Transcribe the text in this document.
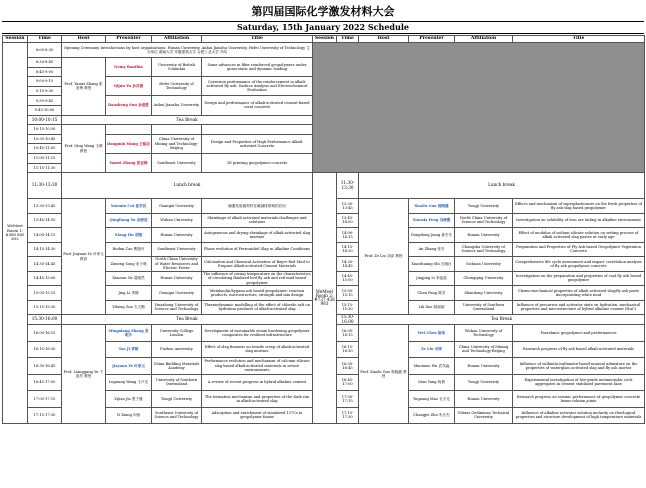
第四届国际化学激发材料大会
Saturday, 15th January 2022 Schedule
Session	Time	Host	Presenter	Affiliation	Title	Session	Time	Host	Presenter	Affiliation	Title
WeMeet Room 1: #380 860 632	8:00-8:30	Opening Ceremony Introductions by host organisations: Hunan University, Anhui Jianzhu University, Hefei University of Technology 主办单位 湖南大学 安徽建筑大学 合肥工业大学 介绍									
	8:30-8:45	Prof. Yamei Zhang 张亚梅 教授	Nemy Banthia	University of British Columbia	Some advances in fiber reinforced geopolymers under quasi-static and dynamic loading						
	8:45-9:00										
	9:00-9:15		Qijun Yu 余其俊	Hefei University of Technology	Corrosion performance of the reinforcement in alkali-activated fly ash: Surface Analysis and Electrochemical Evaluation						
	9:15-9:30										
	9:30-9:45		Daosheng Sun 孙道胜	Anhui Jianzhu University	Design and performance of alkali-activated cement-based coral concrete						
	9:45-10:00										
	10:00-10:15	Tea Break									
	10:15-10:30	Prof. Qing Wang 王晴 教授									
	10:30-10:45		Dongmin Wang 王栋民	China University of Mining and Technology-Beijing	Design and Properties of High Performance Alkali-activated Concrete						
	10:45-11:00										
	11:00-11:15		Yamei Zhang 张亚梅	Southeast University	3D printing geopolymer concrete						
	11:15-11:30										
	11:30-13:30	Lunch break				WeMeet Room 2: #737 436 983	11:30-13:30	Lunch break			
	13:30-13:45	Prof. Jiayuan Ye 叶家元 教高	Xuemin Cui 崔学民	Guangxi University	碱激发胶凝材料在碱减排领域的应用		13:30-13:45	Prof. Ze Liu 刘泽 教授	Xiaolu Guo 郭晓潞	Tongji University	Effects and mechanism of superplasticizers on the fresh properties of fly ash-slag based geopolymer
	13:45-14:00		Qingliang Yu 余清亮	Wuhan University	Shrinkage of alkali activated materials:challenges and solutions		13:45-14:00		Xiaoxia Feng 冯晓霞	North China University of Science and Technology	Investigation on solubility of iron ore tailing in alkaline environment
	14:00-14:15		Xiang Hu 胡翔	Hunan University	Autogeneous and drying shrinkage of alkali-activated slag mortars		14:00-14:15		Dongdong Jiang 姜冬冬	Hunan University	Effect of modulus of sodium silicate solution on setting process of alkali activated slag pastes at early age
	14:15-14:30		Rudan Cao 曹瑞丹	Southeast University	Phase evolution of Ferronickel Slag in Alkaline Conditions		14:15-14:30		An Zhang 张安	Changsha University of Science and Technology	Preparation and Properties of Fly Ash-based Geopolymer Vegetation Concrete
	14:30-14:45		Zimeng Song 宋子萌	North China University of Water Resources and Electric Power	Calcination and Chemical Activation of Bayer Red Mud to Prepare Alkali-activated Cement Materials		14:30-14:45		Xiaozhuang Shi 石晓壮	Sichuan University	Comprehensive life cycle assessment and impact correlation analysis of fly ash geopolymer concrete
	14:45-15:00		Xiaoran Ge 葛晓然	Hunan University	The influence of curing temperature on the characteristics of circulating fluidized bed fly ash and red mud based geopolymer		14:45-15:00		Jingjing Li 李晶晶	Chongqing University	Investigation on the preparation and properties of coal fly ash based geopolymer
	15:00-15:15		Jing Li 李静	Guangxi University	Metakaolin/hygana ash based geopolymer: reaction products, microstructure, strength and mix design		15:00-15:15		Chen Fang 陈芳	Shandong University	Chemo-mechanical properties of alkali-activated slag/fly ash paste incorporating white mud
	15:15-15:30		Yiheng Zuo 左义衡	Huazhong University of Science and Technology	Thermodynamic modelling of the effect of chloride salt on hydration products of alkali-activated slag		15:15-15:30		Lili Xue 薛丽丽	University of Southern Queensland	Influence of precursor and activator state on hydration, mechanical properties and microstructure of hybrid alkaline cement (HAC)
	15:30-16:00	Tea Break					15:30-16:00	Tea Break			
	16:00-16:15	Prof. Lianggang Yu 于涟亮 教授	Mingxiang Zhang 张明乡	University College London	Development of sustainable steam hardening geopolymer composites for resilient infrastructure		16:00-16:15	Prof. Xiaolu Guo 郭晓潞 教授	Wei Chen 陈伟	Wuhan University of Technology	Pozzolanic geopolymer and performances
	16:15-16:30		Tao Ji 季韬	Fuzhou university	Effect of slag fineness on tensile creep of alkali-activated slag mortars		16:15-16:30		Ze Liu 刘泽	China University of Mining and Technology-Beijing	Research progress of fly ash based alkali-activated materials
	16:30-16:45		Jiayuan Ye 叶家元	China Building Materials Academy	Performance evolution and mechanism of calcium silicate slag-based alkali-activated materials in severe environments		16:30-16:45		Maomiao Wu 武茂淼	Hunan University	Influence of sulfanilic/sulfamate-based mineral admixture on the properties of waterglass activated slag and fly ash mortar
	16:45-17:00		Luguang Wang 王卢光	University of Southern Queensland	A review of recent progress in hybrid alkaline cement		16:45-17:00		Qian Yang 杨倩	Tongji University	Experimental investigation of low-grade metamorphic rock aggregates in cement stabilized pavement base
	17:00-17:15		Zijian Jia 贾子健	Tongji University	The formation mechanism and properties of the dark rim in alkali-activated slag		17:00-17:15		Yuguang Mao 毛宇光	Hunan University	Research progress on seismic performance of geopolymer concrete beam-column joints
	17:15-17:30		Yi Xiang 向怡	Southeast University of Science and Technology	Adsorption and enrichment of simulated 137Cs in geopolymer foams		17:15-17:30		Changjie Zhu 朱长杰	Vilnius Gediminas Technical University	Influence of alkaline activator solution molarity on rheological properties and structure development of high temperature materials
